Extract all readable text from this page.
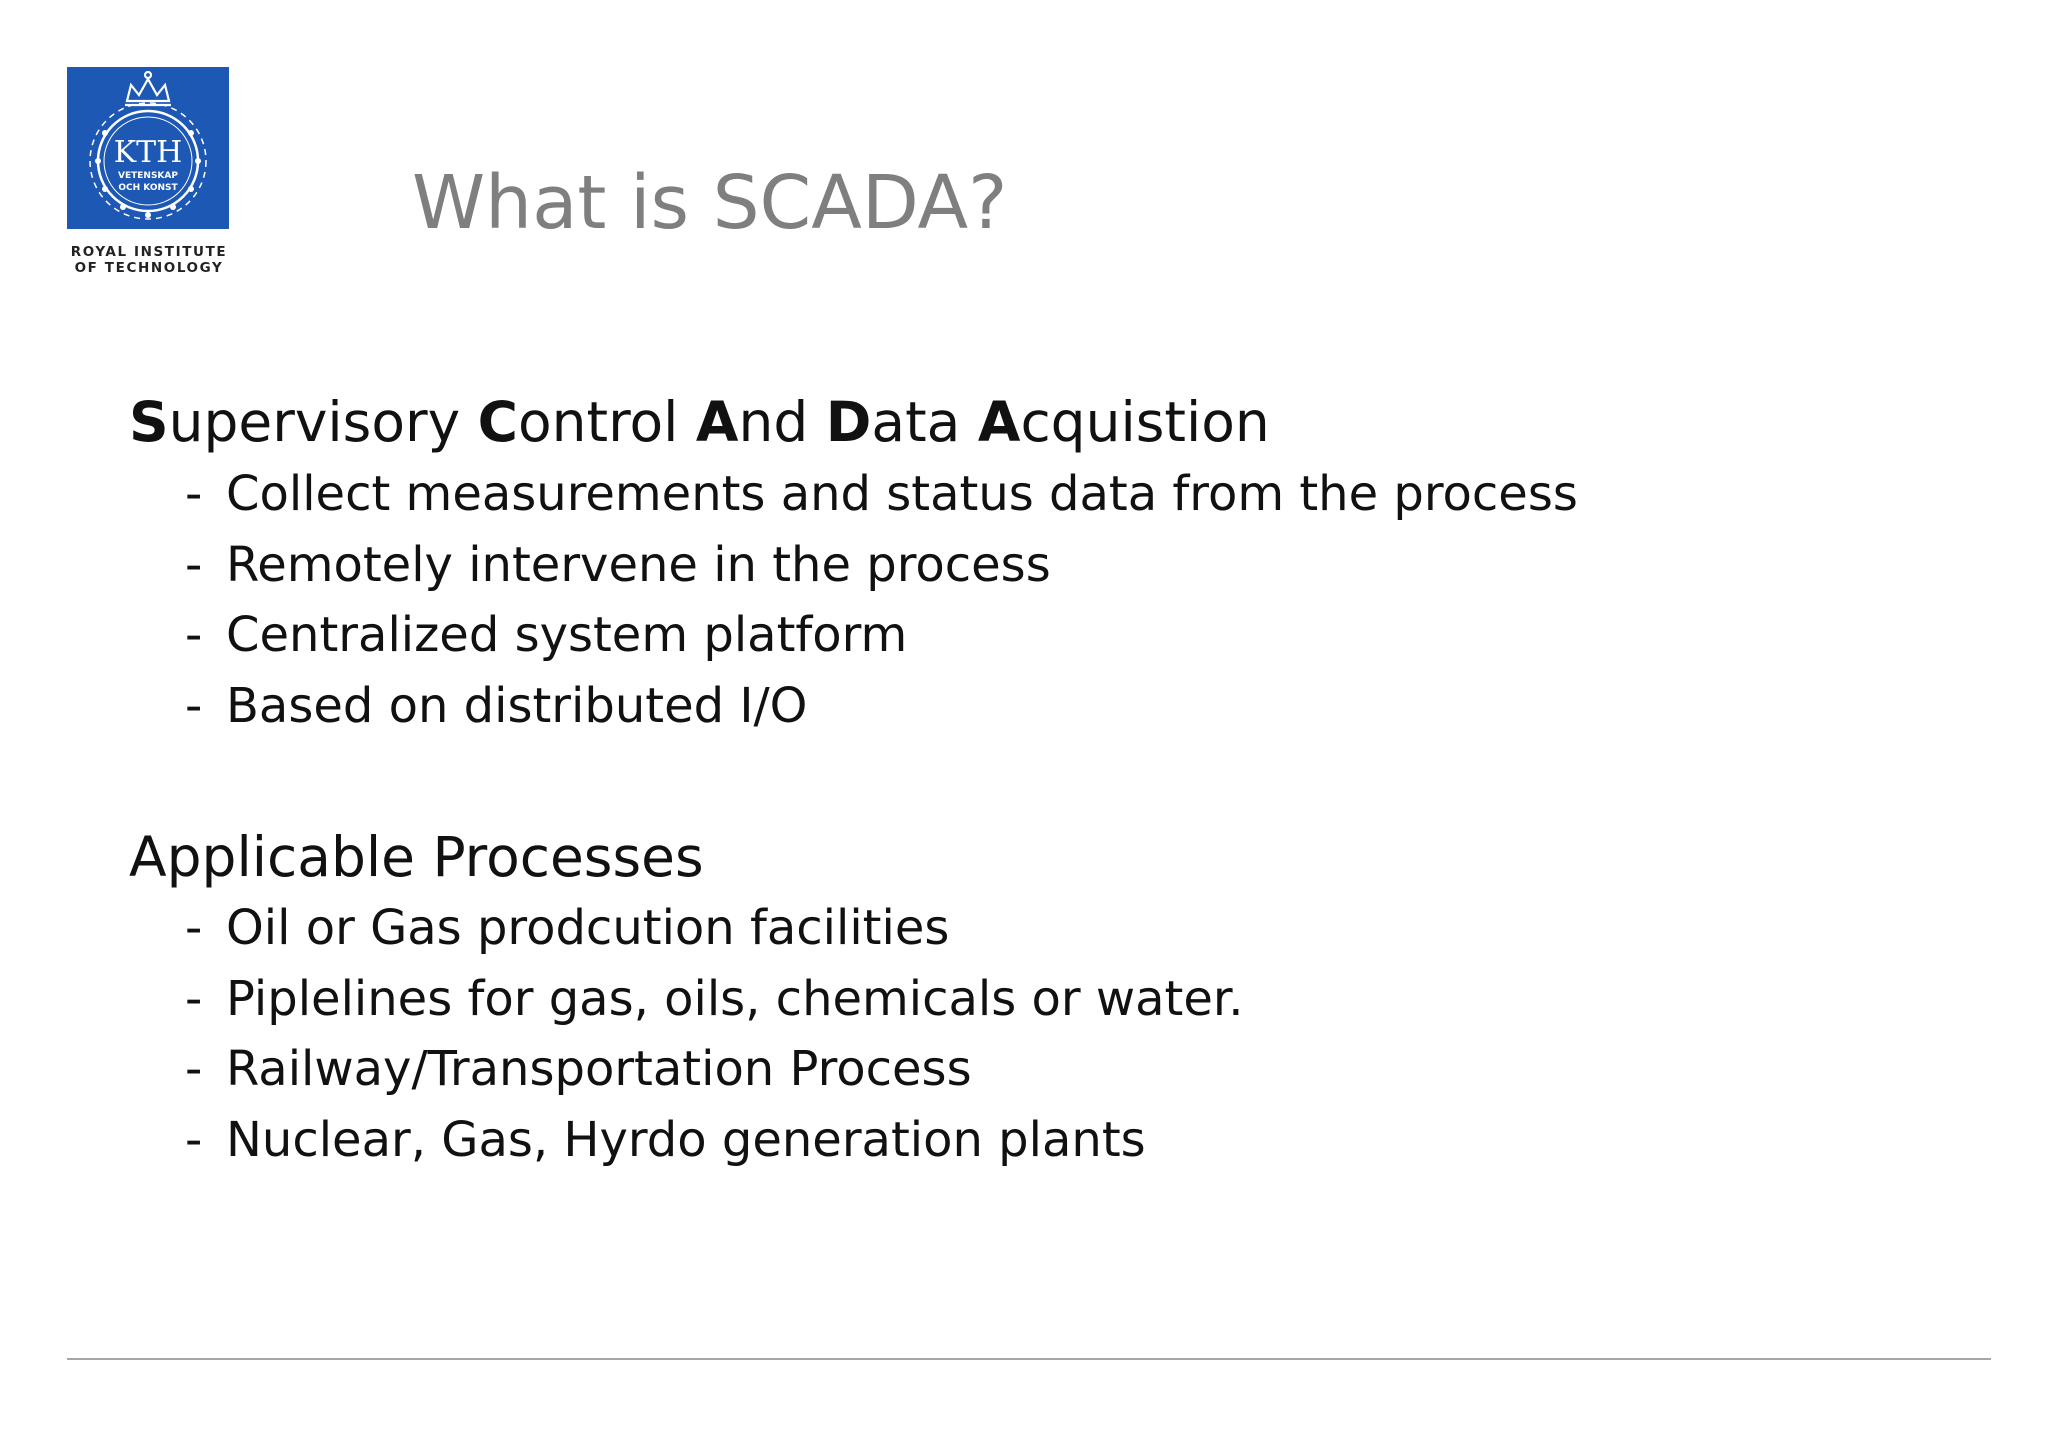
KTH
VETENSKAP
OCH KONST
ROYAL INSTITUTE
OF TECHNOLOGY
What is SCADA?
Supervisory Control And Data Acquistion
- Collect measurements and status data from the process
- Remotely intervene in the process
- Centralized system platform
- Based on distributed I/O
Applicable Processes
- Oil or Gas prodcution facilities
- Piplelines for gas, oils, chemicals or water.
- Railway/Transportation Process
- Nuclear, Gas, Hyrdo generation plants
